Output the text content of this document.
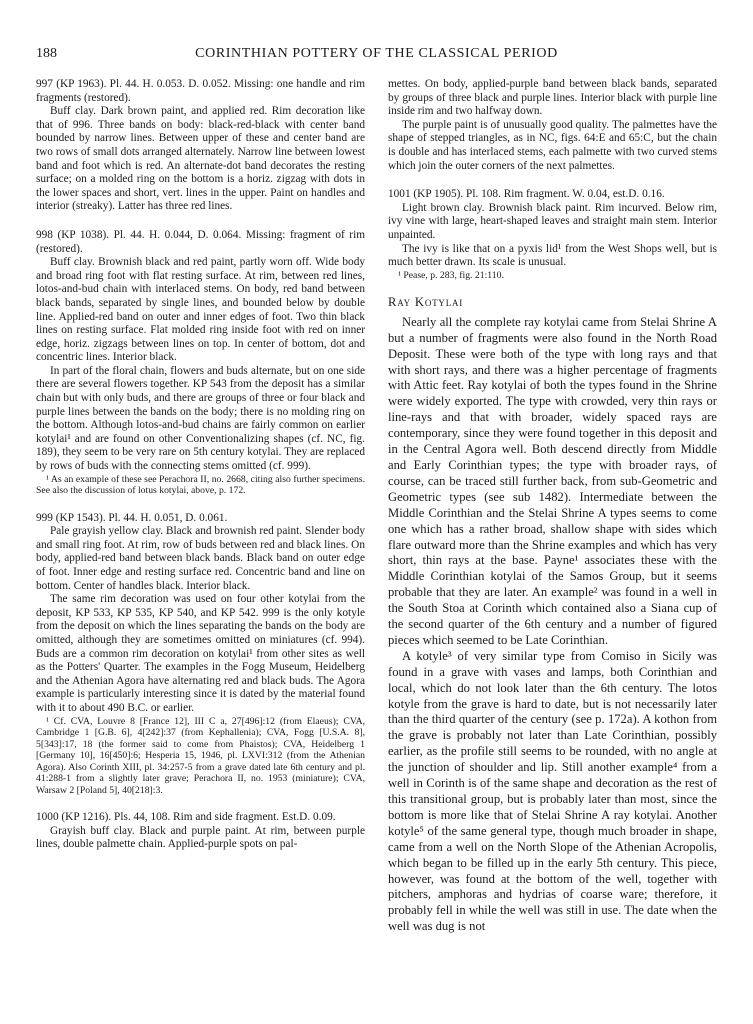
188	CORINTHIAN POTTERY OF THE CLASSICAL PERIOD

997 (KP 1963). Pl. 44. H. 0.053. D. 0.052. Missing: one handle and rim fragments (restored).

Buff clay. Dark brown paint, and applied red. Rim decoration like that of 996. Three bands on body: black-red-black with center band bounded by narrow lines. Between upper of these and center band are two rows of small dots arranged alternately. Narrow line between lowest band and foot which is red. An alternate-dot band decorates the resting surface; on a molded ring on the bottom is a horiz. zigzag with dots in the lower spaces and short, vert. lines in the upper. Paint on handles and interior (streaky). Latter has three red lines.

998 (KP 1038). Pl. 44. H. 0.044, D. 0.064. Missing: fragment of rim (restored).

Buff clay. Brownish black and red paint, partly worn off. Wide body and broad ring foot with flat resting surface. At rim, between red lines, lotos-and-bud chain with interlaced stems. On body, red band between black bands, separated by single lines, and bounded below by double line. Applied-red band on outer and inner edges of foot. Two thin black lines on resting surface. Flat molded ring inside foot with red on inner edge, horiz. zigzags between lines on top. In center of bottom, dot and concentric lines. Interior black.

In part of the floral chain, flowers and buds alternate, but on one side there are several flowers together. KP 543 from the deposit has a similar chain but with only buds, and there are groups of three or four black and purple lines between the bands on the body; there is no molding ring on the bottom. Although lotos-and-bud chains are fairly common on earlier kotylai¹ and are found on other Conventionalizing shapes (cf. NC, fig. 189), they seem to be very rare on 5th century kotylai. They are replaced by rows of buds with the connecting stems omitted (cf. 999).

¹ As an example of these see Perachora II, no. 2668, citing also further specimens. See also the discussion of lotus kotylai, above, p. 172.

999 (KP 1543). Pl. 44. H. 0.051, D. 0.061.

Pale grayish yellow clay. Black and brownish red paint. Slender body and small ring foot. At rim, row of buds between red and black lines. On body, applied-red band between black bands. Black band on outer edge of foot. Inner edge and resting surface red. Concentric band and line on bottom. Center of handles black. Interior black.

The same rim decoration was used on four other kotylai from the deposit, KP 533, KP 535, KP 540, and KP 542. 999 is the only kotyle from the deposit on which the lines separating the bands on the body are omitted, although they are sometimes omitted on miniatures (cf. 994). Buds are a common rim decoration on kotylai¹ from other sites as well as the Potters' Quarter. The examples in the Fogg Museum, Heidelberg and the Athenian Agora have alternating red and black buds. The Agora example is particularly interesting since it is dated by the material found with it to about 490 B.C. or earlier.

¹ Cf. CVA, Louvre 8 [France 12], III C a, 27[496]:12 (from Elaeus); CVA, Cambridge 1 [G.B. 6], 4[242]:37 (from Kephallenia); CVA, Fogg [U.S.A. 8], 5[343]:17, 18 (the former said to come from Phaistos); CVA, Heidelberg 1 [Germany 10], 16[450]:6; Hesperia 15, 1946, pl. LXVI:312 (from the Athenian Agora). Also Corinth XIII, pl. 34:257-5 from a grave dated late 6th century and pl. 41:288-1 from a slightly later grave; Perachora II, no. 1953 (miniature); CVA, Warsaw 2 [Poland 5], 40[218]:3.

1000 (KP 1216). Pls. 44, 108. Rim and side fragment. Est.D. 0.09.

Grayish buff clay. Black and purple paint. At rim, between purple lines, double palmette chain. Applied-purple spots on pal-

mettes. On body, applied-purple band between black bands, separated by groups of three black and purple lines. Interior black with purple line inside rim and two halfway down.

The purple paint is of unusually good quality. The palmettes have the shape of stepped triangles, as in NC, figs. 64:E and 65:C, but the chain is double and has interlaced stems, each palmette with two curved stems which join the outer corners of the next palmettes.

1001 (KP 1905). Pl. 108. Rim fragment. W. 0.04, est.D. 0.16.

Light brown clay. Brownish black paint. Rim incurved. Below rim, ivy vine with large, heart-shaped leaves and straight main stem. Interior unpainted.

The ivy is like that on a pyxis lid¹ from the West Shops well, but is much better drawn. Its scale is unusual.

¹ Pease, p. 283, fig. 21:110.

Ray Kotylai

Nearly all the complete ray kotylai came from Stelai Shrine A but a number of fragments were also found in the North Road Deposit. These were both of the type with long rays and that with short rays, and there was a higher percentage of fragments with Attic feet. Ray kotylai of both the types found in the Shrine were widely exported. The type with crowded, very thin rays or line-rays and that with broader, widely spaced rays are contemporary, since they were found together in this deposit and in the Central Agora well. Both descend directly from Middle and Early Corinthian types; the type with broader rays, of course, can be traced still further back, from sub-Geometric and Geometric types (see sub 1482). Intermediate between the Middle Corinthian and the Stelai Shrine A types seems to come one which has a rather broad, shallow shape with sides which flare outward more than the Shrine examples and which has very short, thin rays at the base. Payne¹ associates these with the Middle Corinthian kotylai of the Samos Group, but it seems probable that they are later. An example² was found in a well in the South Stoa at Corinth which contained also a Siana cup of the second quarter of the 6th century and a number of figured pieces which seemed to be Late Corinthian.

A kotyle³ of very similar type from Comiso in Sicily was found in a grave with vases and lamps, both Corinthian and local, which do not look later than the 6th century. The lotos kotyle from the grave is hard to date, but is not necessarily later than the third quarter of the century (see p. 172a). A kothon from the grave is probably not later than Late Corinthian, possibly earlier, as the profile still seems to be rounded, with no angle at the junction of shoulder and lip. Still another example⁴ from a well in Corinth is of the same shape and decoration as the rest of this transitional group, but is probably later than most, since the bottom is more like that of Stelai Shrine A ray kotylai. Another kotyle⁵ of the same general type, though much broader in shape, came from a well on the North Slope of the Athenian Acropolis, which began to be filled up in the early 5th century. This piece, however, was found at the bottom of the well, together with pitchers, amphoras and hydrias of coarse ware; therefore, it probably fell in while the well was still in use. The date when the well was dug is not
